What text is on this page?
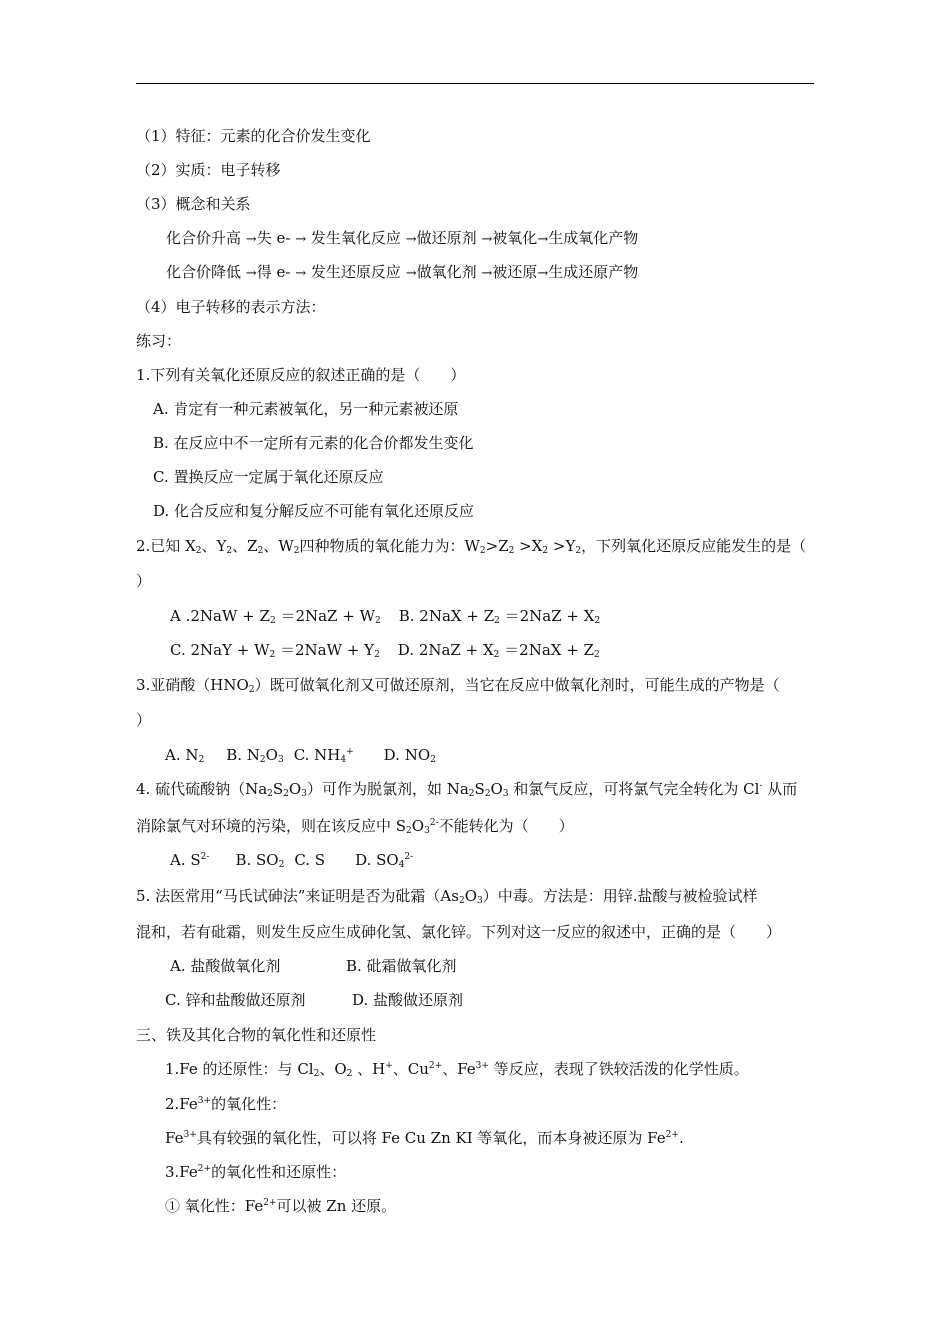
（1）特征：元素的化合价发生变化
（2）实质：电子转移
（3）概念和关系
化合价升高 →失 e- → 发生氧化反应 →做还原剂 →被氧化→生成氧化产物
化合价降低 →得 e- → 发生还原反应 →做氧化剂 →被还原→生成还原产物
（4）电子转移的表示方法：
练习：
1.下列有关氧化还原反应的叙述正确的是（　　）
A. 肯定有一种元素被氧化，另一种元素被还原
B. 在反应中不一定所有元素的化合价都发生变化
C. 置换反应一定属于氧化还原反应
D. 化合反应和复分解反应不可能有氧化还原反应
2.已知 $X_2$、$Y_2$、$Z_2$、$W_2$四种物质的氧化能力为：$W_2>Z_2 >X_2 >Y_2$，下列氧化还原反应能发生的是（
）
A $.2NaW + Z_2 =2NaZ + W_2$ B. $2NaX + Z_2 =2NaZ + X_2$
C. $2NaY + W_2 =2NaW + Y_2$ D. $2NaZ + X_2 =2NaX + Z_2$
3.亚硝酸$(HNO_2)$既可做氧化剂又可做还原剂，当它在反应中做氧化剂时，可能生成的产物是（
）
A. $N_2$ B. $N_2O_3$ C. $NH_4^+$ D. $NO_2$
4. 硫代硫酸钠$(Na_2S_2O_3)$可作为脱氯剂，如 $Na_2S_2O_3$ 和氯气反应，可将氯气完全转化为 Cl- 从而
消除氯气对环境的污染，则在该反应中 $S_2O_3^{2-}$不能转化为（　　）
A. $S^{2-}$ B. $SO_2$ C. S D. $SO_4^{2-}$
5. 法医常用“马氏试砷法”来证明是否为砒霜$(As_2O_3)$中毒。方法是：用锌.盐酸与被检验试样
混和，若有砒霜，则发生反应生成砷化氢、氯化锌。下列对这一反应的叙述中，正确的是（　　）
A. 盐酸做氧化剂	B. 砒霜做氧化剂
C. 锌和盐酸做还原剂	D. 盐酸做还原剂
三、铁及其化合物的氧化性和还原性
1.Fe 的还原性：与 $Cl_2$、$O_2$ 、H+、$Cu^{2+}$、$Fe^{3+}$ 等反应，表现了铁较活泼的化学性质。
$2.Fe^{3+}$的氧化性：
$Fe^{3+}$具有较强的氧化性，可以将 Fe Cu Zn KI 等氧化，而本身被还原为 $Fe^{2+}$.
$3.Fe^{2+}$的氧化性和还原性：
① 氧化性：$Fe^{2+}$可以被 Zn 还原。
